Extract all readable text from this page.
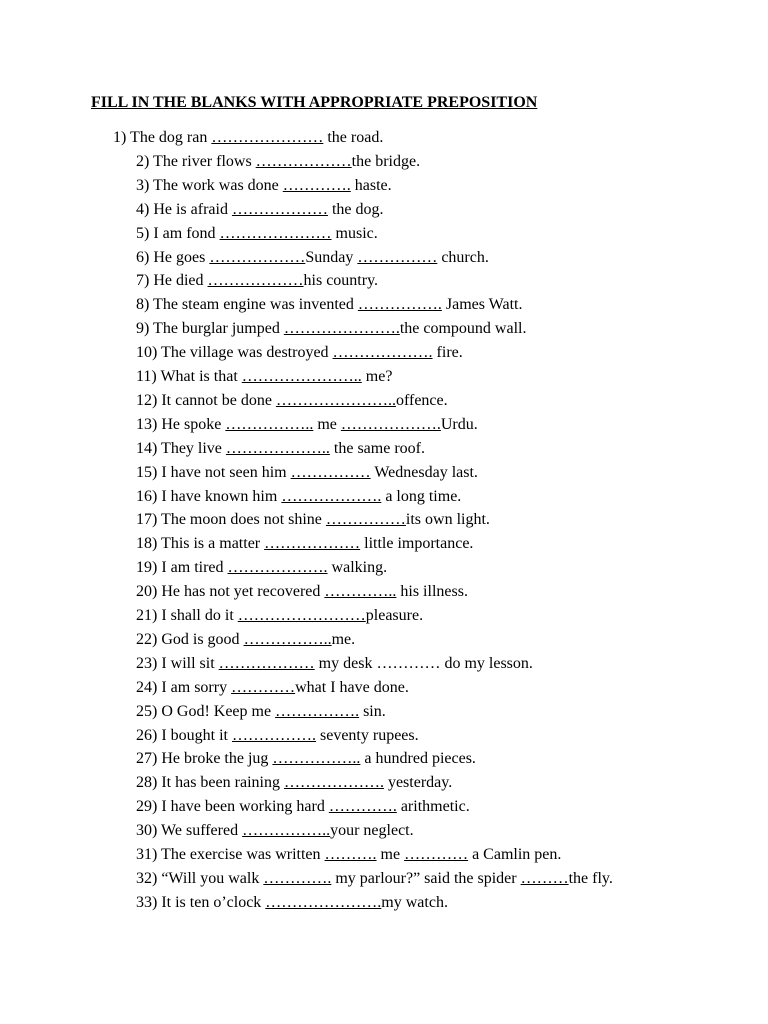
FILL IN THE BLANKS WITH APPROPRIATE PREPOSITION
1) The dog ran ………………… the road.
2) The river flows ………………the bridge.
3) The work was done …………. haste.
4) He is afraid ……………… the dog.
5) I am fond ………………… music.
6) He goes ………………Sunday …………… church.
7) He died ………………his country.
8) The steam engine was invented ……………. James Watt.
9) The burglar jumped ………………….the compound wall.
10) The village was destroyed ………………. fire.
11) What is that ………………….. me?
12) It cannot be done …………………..offence.
13) He spoke …………….. me ……………….Urdu.
14) They live ……………….. the same roof.
15) I have not seen him …………… Wednesday last.
16) I have known him ………………. a long time.
17) The moon does not shine ……………its own light.
18) This is a matter ……………… little importance.
19) I am tired ………………. walking.
20) He has not yet recovered ………….. his illness.
21) I shall do it ……………………pleasure.
22) God is good ……………..me.
23) I will sit ……………… my desk ………… do my lesson.
24) I am sorry …………what I have done.
25) O God! Keep me ……………. sin.
26) I bought it ……………. seventy rupees.
27) He broke the jug …………….. a hundred pieces.
28) It has been raining ………………. yesterday.
29) I have been working hard …………. arithmetic.
30) We suffered ……………..your neglect.
31) The exercise was written ………. me ………… a Camlin pen.
32) “Will you walk …………. my parlour?” said the spider ………the fly.
33) It is ten o’clock ………………….my watch.
